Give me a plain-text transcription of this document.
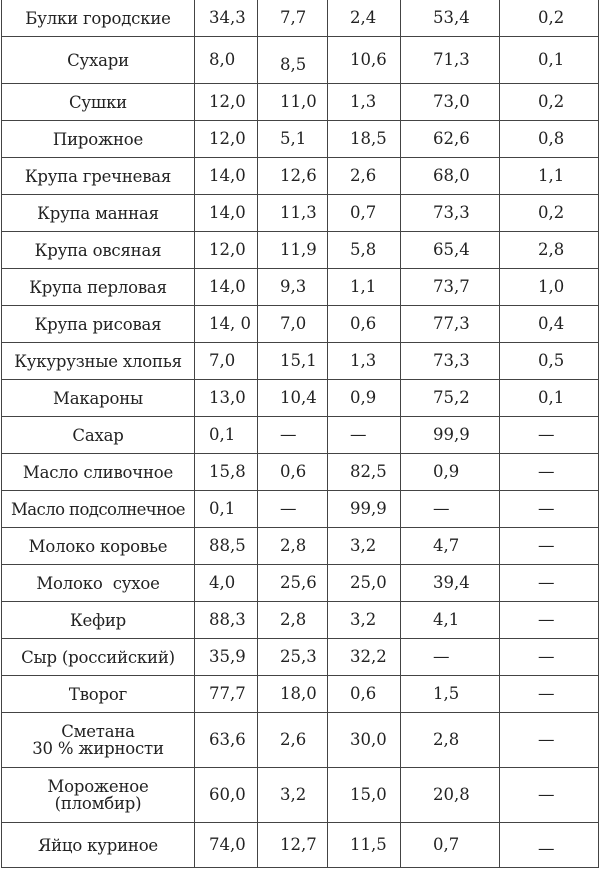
Булки городские	34,3	7,7	2,4	53,4	0,2
Сухари	8,0	8,5	10,6	71,3	0,1
Сушки	12,0	11,0	1,3	73,0	0,2
Пирожное	12,0	5,1	18,5	62,6	0,8
Крупа гречневая	14,0	12,6	2,6	68,0	1,1
Крупа манная	14,0	11,3	0,7	73,3	0,2
Крупа овсяная	12,0	11,9	5,8	65,4	2,8
Крупа перловая	14,0	9,3	1,1	73,7	1,0
Крупа рисовая	14, 0	7,0	0,6	77,3	0,4
Кукурузные хлопья	7,0	15,1	1,3	73,3	0,5
Макароны	13,0	10,4	0,9	75,2	0,1
Сахар	0,1	—	—	99,9	—
Масло сливочное	15,8	0,6	82,5	0,9	—
Масло подсолнечное	0,1	—	99,9	—	—
Молоко коровье	88,5	2,8	3,2	4,7	—
Молоко  сухое	4,0	25,6	25,0	39,4	—
Кефир	88,3	2,8	3,2	4,1	—
Сыр (российский)	35,9	25,3	32,2	—	—
Творог	77,7	18,0	0,6	1,5	—

Сметана
30 % жирности	63,6	2,6	30,0	2,8	—

Мороженое
(пломбир)	60,0	3,2	15,0	20,8	—
Яйцо куриное	74,0	12,7	11,5	0,7	—
